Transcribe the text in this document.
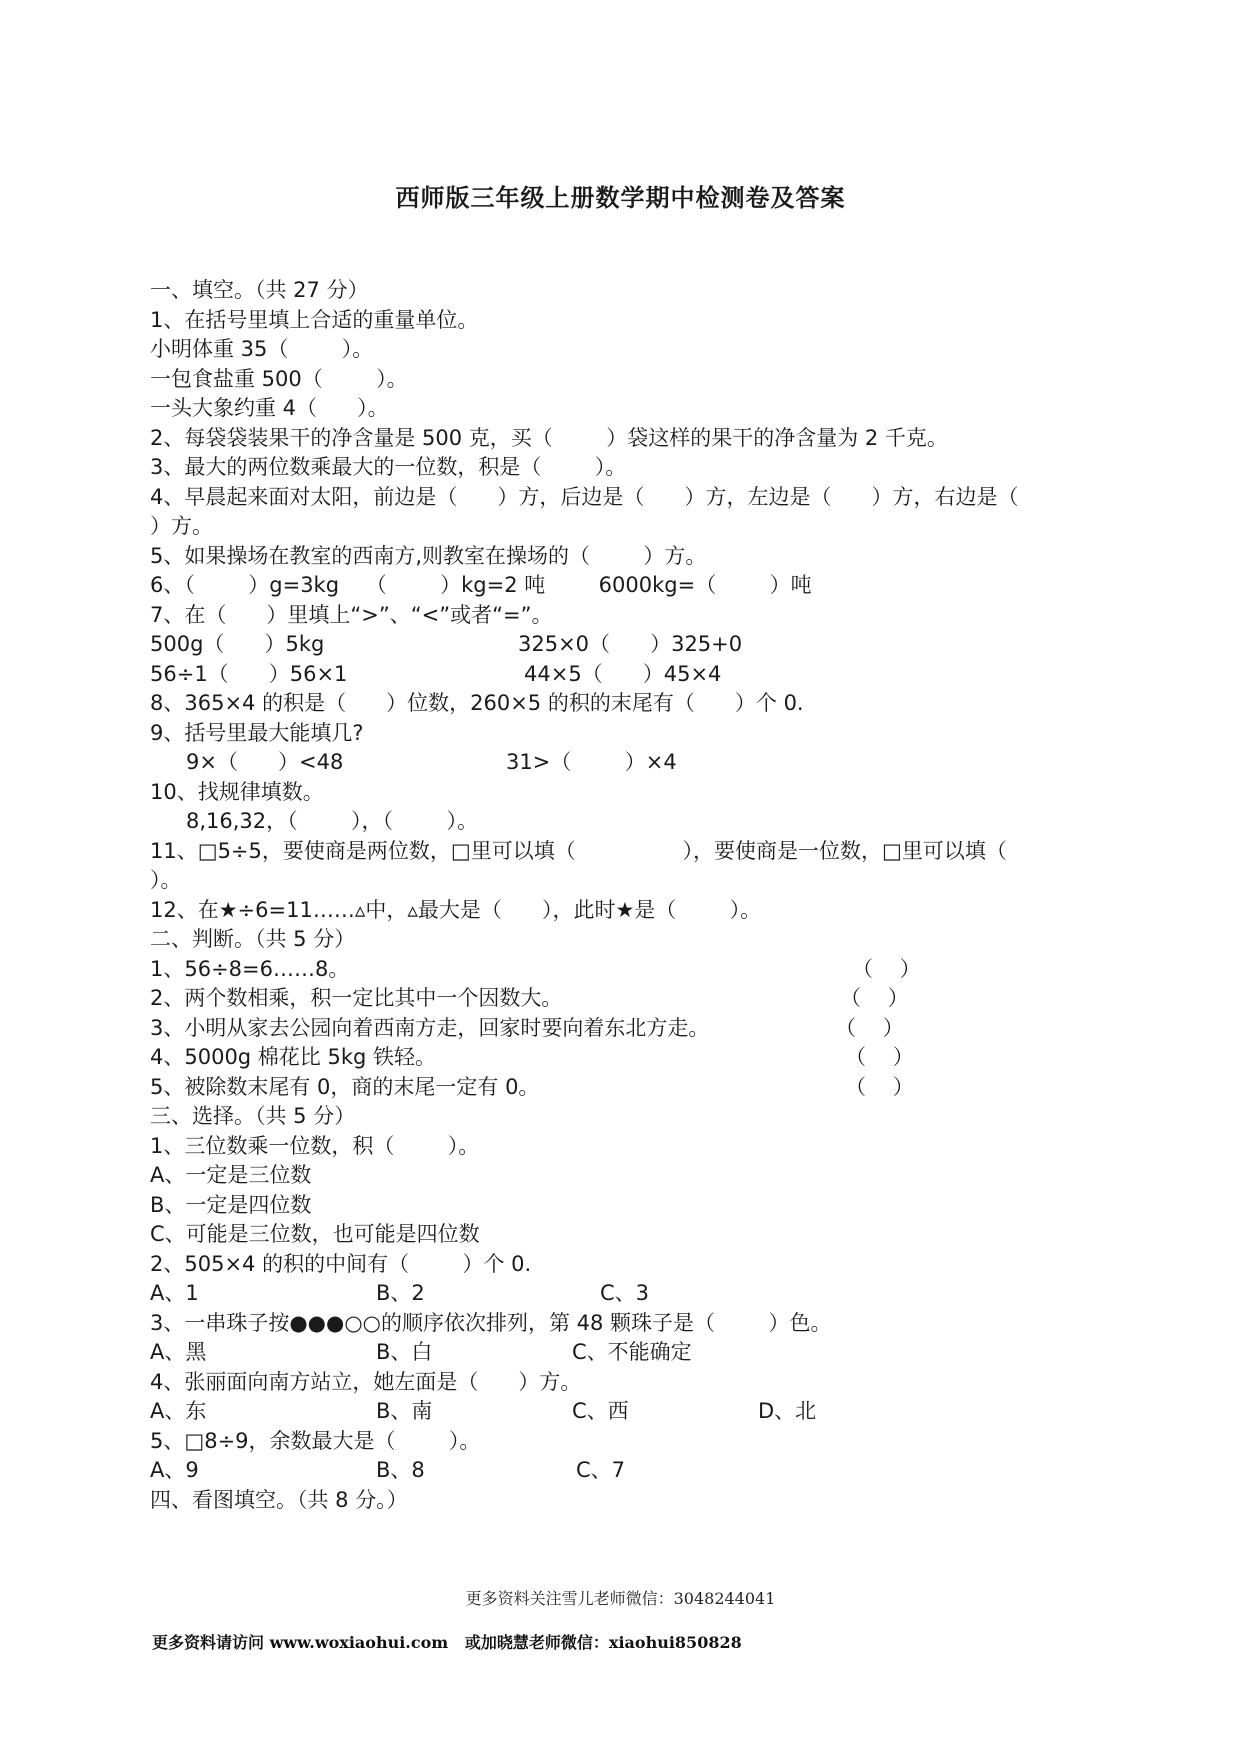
西师版三年级上册数学期中检测卷及答案
一、填空。（共 27 分）
1、在括号里填上合适的重量单位。
小明体重 35（        ）。
一包食盐重 500（        ）。
一头大象约重 4（      ）。
2、每袋袋装果干的净含量是 500 克，买（        ）袋这样的果干的净含量为 2 千克。
3、最大的两位数乘最大的一位数，积是（        ）。
4、早晨起来面对太阳，前边是（      ）方，后边是（      ）方，左边是（      ）方，右边是（
）方。
5、如果操场在教室的西南方,则教室在操场的（        ）方。
6、（        ）g=3kg    （        ）kg=2 吨        6000kg=（        ）吨
7、在（      ）里填上“>”、“<”或者“=”。
500g（      ）5kg	325×0（      ）325+0
56÷1（      ）56×1	44×5（      ）45×4
8、365×4 的积是（      ）位数，260×5 的积的末尾有（      ）个 0.
9、括号里最大能填几?
9×（      ）<48	31>（        ）×4
10、找规律填数。
8,16,32，（        ），（        ）。
11、□5÷5，要使商是两位数，□里可以填（                ），要使商是一位数，□里可以填（
）。
12、在★÷6=11……▵中，▵最大是（      ），此时★是（        ）。
二、判断。（共 5 分）
1、56÷8=6……8。	（    ）
2、两个数相乘，积一定比其中一个因数大。	（    ）
3、小明从家去公园向着西南方走，回家时要向着东北方走。	（    ）
4、5000g 棉花比 5kg 铁轻。	（    ）
5、被除数末尾有 0，商的末尾一定有 0。	（    ）
三、选择。（共 5 分）
1、三位数乘一位数，积（        ）。
A、一定是三位数
B、一定是四位数
C、可能是三位数，也可能是四位数
2、505×4 的积的中间有（        ）个 0.
A、1	B、2	C、3
3、一串珠子按●●●○○的顺序依次排列，第 48 颗珠子是（        ）色。
A、黑	B、白	C、不能确定
4、张丽面向南方站立，她左面是（      ）方。
A、东	B、南	C、西	D、北
5、□8÷9，余数最大是（        ）。
A、9	B、8	C、7
四、看图填空。（共 8 分。）
更多资料关注雪儿老师微信：3048244041
更多资料请访问 www.woxiaohui.com   或加晓慧老师微信：xiaohui850828
